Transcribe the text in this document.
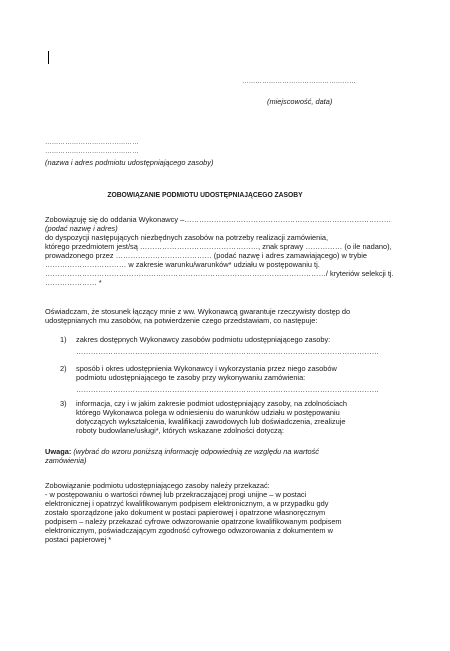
……………………………………………
(miejscowość, data)
……………………………………
……………………………………
(nazwa i adres podmiotu udostępniającego zasoby)
ZOBOWIĄZANIE PODMIOTU UDOSTĘPNIAJĄCEGO ZASOBY
Zobowiązuję się do oddania Wykonawcy –…………………………………………………………………………
(podać nazwę i adres)
do dyspozycji następujących niezbędnych zasobów na potrzeby realizacji zamówienia,
którego przedmiotem jest/są …………………………………………, znak sprawy …………… (o ile nadano),
prowadzonego przez ………………………………… (podać nazwę i adres zamawiającego) w trybie
…………………………… w zakresie warunku/warunków* udziału w postępowaniu tj.
……………………………………………………………………………………………………/ kryteriów selekcji tj.
………………… *
Oświadczam, że stosunek łączący mnie z ww. Wykonawcą gwarantuje rzeczywisty dostęp do
udostępnianych mu zasobów, na potwierdzenie czego przedstawiam, co następuje:
1) zakres dostępnych Wykonawcy zasobów podmiotu udostępniającego zasoby:
……………………………………………………………………………………………………………
2) sposób i okres udostępnienia Wykonawcy i wykorzystania przez niego zasobów
podmiotu udostępniającego te zasoby przy wykonywaniu zamówienia:
……………………………………………………………………………………………………………
3) informacja, czy i w jakim zakresie podmiot udostępniający zasoby, na zdolnościach
którego Wykonawca polega w odniesieniu do warunków udziału w postępowaniu
dotyczących wykształcenia, kwalifikacji zawodowych lub doświadczenia, zrealizuje
roboty budowlane/usługi*, których wskazane zdolności dotyczą:
Uwaga: (wybrać do wzoru poniższą informację odpowiednią ze względu na wartość
zamówienia)
Zobowiązanie podmiotu udostępniającego zasoby należy przekazać:
- w postępowaniu o wartości równej lub przekraczającej progi unijne – w postaci
elektronicznej i opatrzyć kwalifikowanym podpisem elektronicznym, a w przypadku gdy
zostało sporządzone jako dokument w postaci papierowej i opatrzone własnoręcznym
podpisem – należy przekazać cyfrowe odwzorowanie opatrzone kwalifikowanym podpisem
elektronicznym, poświadczającym zgodność cyfrowego odwzorowania z dokumentem w
postaci papierowej *
